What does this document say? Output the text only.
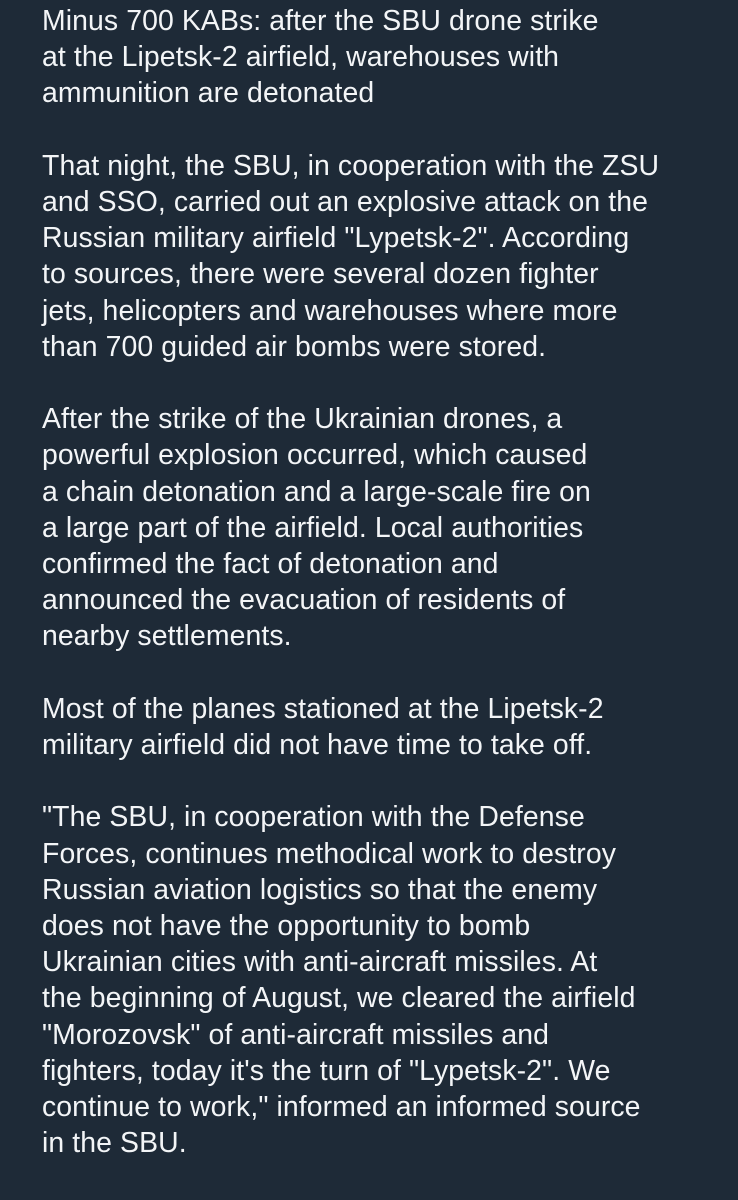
Minus 700 KABs: after the SBU drone strike
at the Lipetsk-2 airfield, warehouses with
ammunition are detonated

That night, the SBU, in cooperation with the ZSU
and SSO, carried out an explosive attack on the
Russian military airfield "Lypetsk-2". According
to sources, there were several dozen fighter
jets, helicopters and warehouses where more
than 700 guided air bombs were stored.

After the strike of the Ukrainian drones, a
powerful explosion occurred, which caused
a chain detonation and a large-scale fire on
a large part of the airfield. Local authorities
confirmed the fact of detonation and
announced the evacuation of residents of
nearby settlements.

Most of the planes stationed at the Lipetsk-2
military airfield did not have time to take off.

"The SBU, in cooperation with the Defense
Forces, continues methodical work to destroy
Russian aviation logistics so that the enemy
does not have the opportunity to bomb
Ukrainian cities with anti-aircraft missiles. At
the beginning of August, we cleared the airfield
"Morozovsk" of anti-aircraft missiles and
fighters, today it's the turn of "Lypetsk-2". We
continue to work," informed an informed source
in the SBU.
